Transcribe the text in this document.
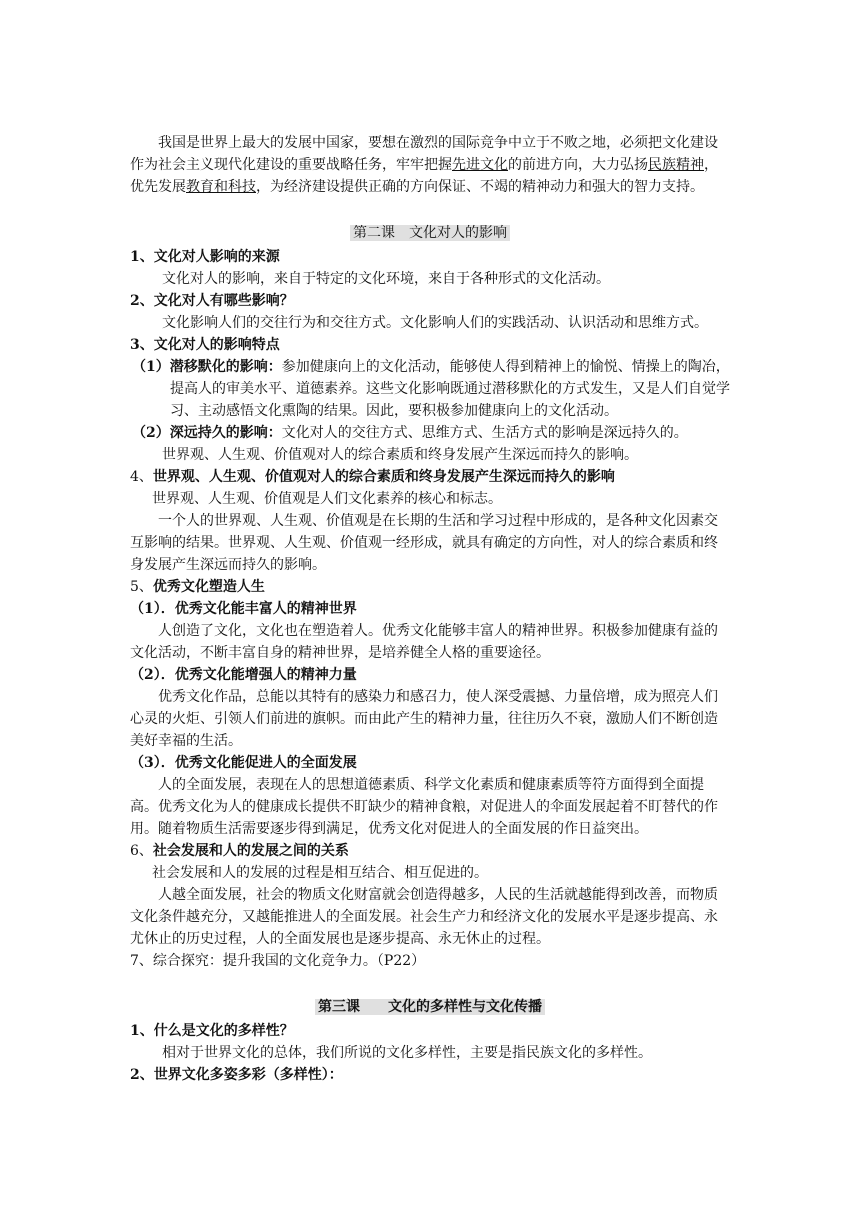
我国是世界上最大的发展中国家，要想在激烈的国际竞争中立于不败之地，必须把文化建设作为社会主义现代化建设的重要战略任务，牢牢把握先进文化的前进方向，大力弘扬民族精神，优先发展教育和科技，为经济建设提供正确的方向保证、不竭的精神动力和强大的智力支持。

第二课　文化对人的影响

1、文化对人影响的来源

文化对人的影响，来自于特定的文化环境，来自于各种形式的文化活动。

2、文化对人有哪些影响？

文化影响人们的交往行为和交往方式。文化影响人们的实践活动、认识活动和思维方式。

3、文化对人的影响特点

（1）潜移默化的影响：参加健康向上的文化活动，能够使人得到精神上的愉悦、情操上的陶冶，提高人的审美水平、道德素养。这些文化影响既通过潜移默化的方式发生，又是人们自觉学习、主动感悟文化熏陶的结果。因此，要积极参加健康向上的文化活动。

（2）深远持久的影响：文化对人的交往方式、思维方式、生活方式的影响是深远持久的。

世界观、人生观、价值观对人的综合素质和终身发展产生深远而持久的影响。

4、世界观、人生观、价值观对人的综合素质和终身发展产生深远而持久的影响

世界观、人生观、价值观是人们文化素养的核心和标志。

一个人的世界观、人生观、价值观是在长期的生活和学习过程中形成的，是各种文化因素交互影响的结果。世界观、人生观、价值观一经形成，就具有确定的方向性，对人的综合素质和终身发展产生深远而持久的影响。

5、优秀文化塑造人生

（1）．优秀文化能丰富人的精神世界

人创造了文化，文化也在塑造着人。优秀文化能够丰富人的精神世界。积极参加健康有益的文化活动，不断丰富自身的精神世界，是培养健全人格的重要途径。

（2）．优秀文化能增强人的精神力量

优秀文化作品，总能以其特有的感染力和感召力，使人深受震撼、力量倍增，成为照亮人们心灵的火炬、引领人们前进的旗帜。而由此产生的精神力量，往往历久不衰，激励人们不断创造美好幸福的生活。

（3）．优秀文化能促进人的全面发展

人的全面发展，表现在人的思想道德素质、科学文化素质和健康素质等符方面得到全面提高。优秀文化为人的健康成长提供不盯缺少的精神食粮，对促进人的伞面发展起着不盯替代的作用。随着物质生活需要逐步得到满足，优秀文化对促进人的全面发展的作日益突出。

6、社会发展和人的发展之间的关系

社会发展和人的发展的过程是相互结合、相互促进的。

人越全面发展，社会的物质文化财富就会创造得越多，人民的生活就越能得到改善，而物质文化条件越充分，又越能推进人的全面发展。社会生产力和经济文化的发展水平是逐步提高、永尤休止的历史过程，人的全面发展也是逐步提高、永无休止的过程。

7、综合探究：提升我国的文化竞争力。（P22）

第三课　　文化的多样性与文化传播

1、什么是文化的多样性？

相对于世界文化的总体，我们所说的文化多样性，主要是指民族文化的多样性。

2、世界文化多姿多彩（多样性）：
